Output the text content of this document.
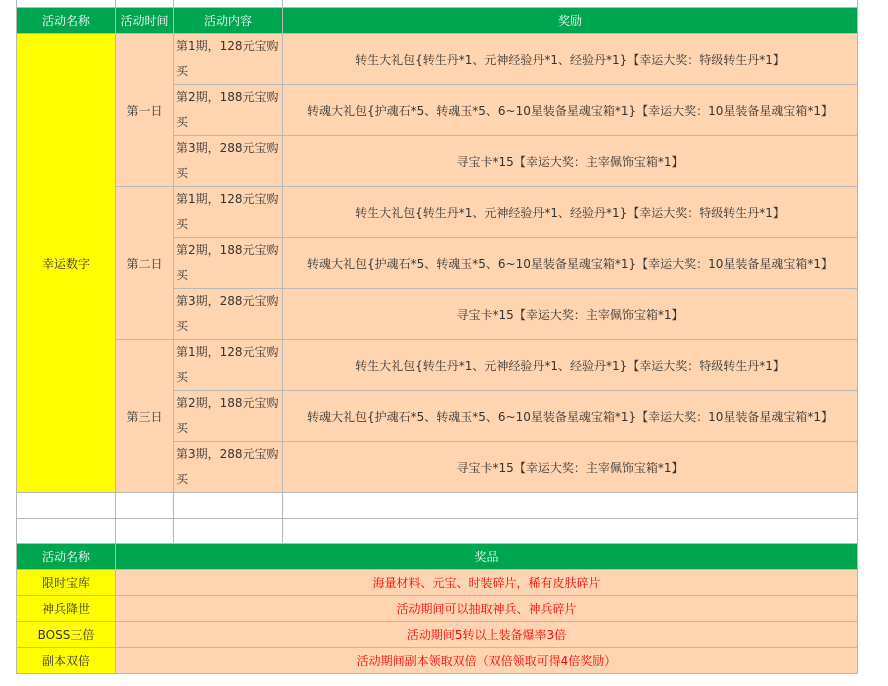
活动名称	活动时间	活动内容	奖励
幸运数字	第一日	第1期，128元宝购买	转生大礼包{转生丹*1、元神经验丹*1、经验丹*1}【幸运大奖：特级转生丹*1】
		第2期，188元宝购买	转魂大礼包{护魂石*5、转魂玉*5、6~10星装备星魂宝箱*1}【幸运大奖：10星装备星魂宝箱*1】
		第3期，288元宝购买	寻宝卡*15【幸运大奖：主宰佩饰宝箱*1】
	第二日	第1期，128元宝购买	转生大礼包{转生丹*1、元神经验丹*1、经验丹*1}【幸运大奖：特级转生丹*1】
		第2期，188元宝购买	转魂大礼包{护魂石*5、转魂玉*5、6~10星装备星魂宝箱*1}【幸运大奖：10星装备星魂宝箱*1】
		第3期，288元宝购买	寻宝卡*15【幸运大奖：主宰佩饰宝箱*1】
	第三日	第1期，128元宝购买	转生大礼包{转生丹*1、元神经验丹*1、经验丹*1}【幸运大奖：特级转生丹*1】
		第2期，188元宝购买	转魂大礼包{护魂石*5、转魂玉*5、6~10星装备星魂宝箱*1}【幸运大奖：10星装备星魂宝箱*1】
		第3期，288元宝购买	寻宝卡*15【幸运大奖：主宰佩饰宝箱*1】

活动名称	奖品
限时宝库	海量材料、元宝、时装碎片，稀有皮肤碎片
神兵降世	活动期间可以抽取神兵、神兵碎片
BOSS三倍	活动期间5转以上装备爆率3倍
副本双倍	活动期间副本领取双倍（双倍领取可得4倍奖励）
